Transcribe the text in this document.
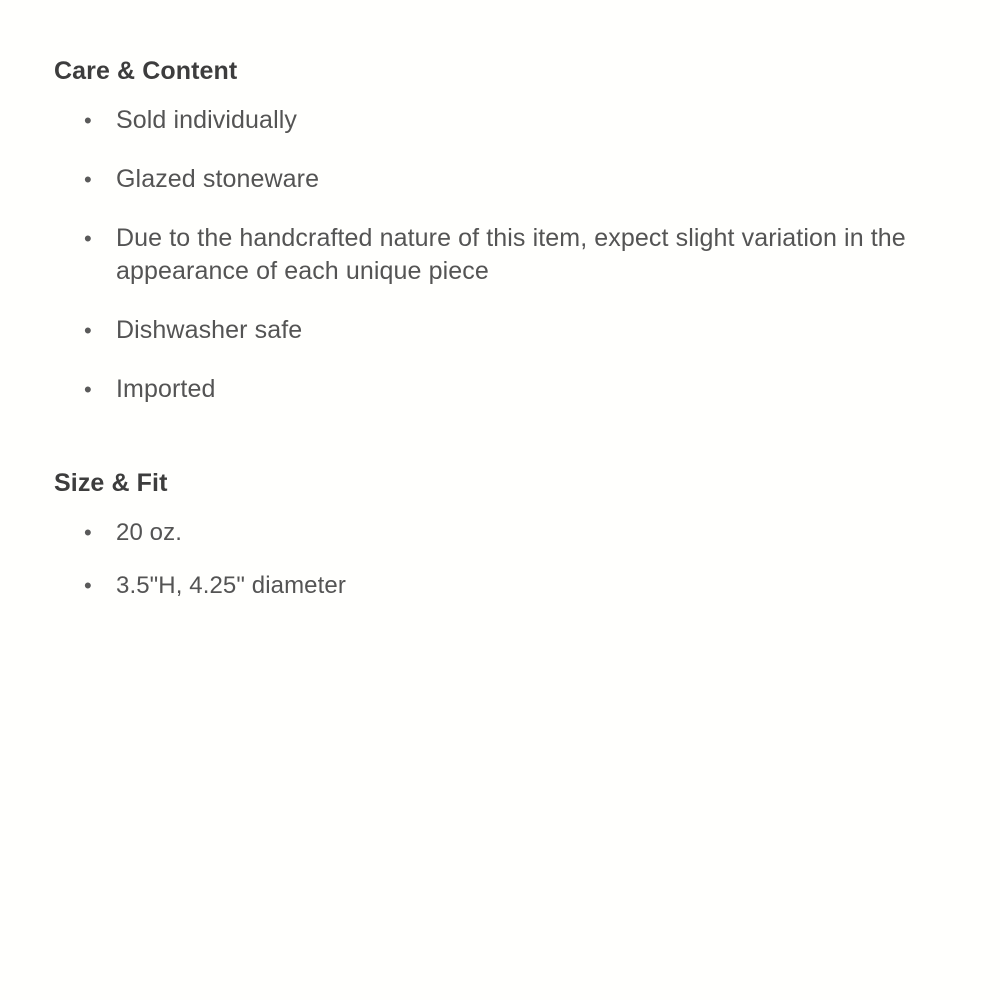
Care & Content
• Sold individually
• Glazed stoneware
• Due to the handcrafted nature of this item, expect slight variation in the appearance of each unique piece
• Dishwasher safe
• Imported
Size & Fit
•	20 oz.
•	3.5"H, 4.25" diameter
